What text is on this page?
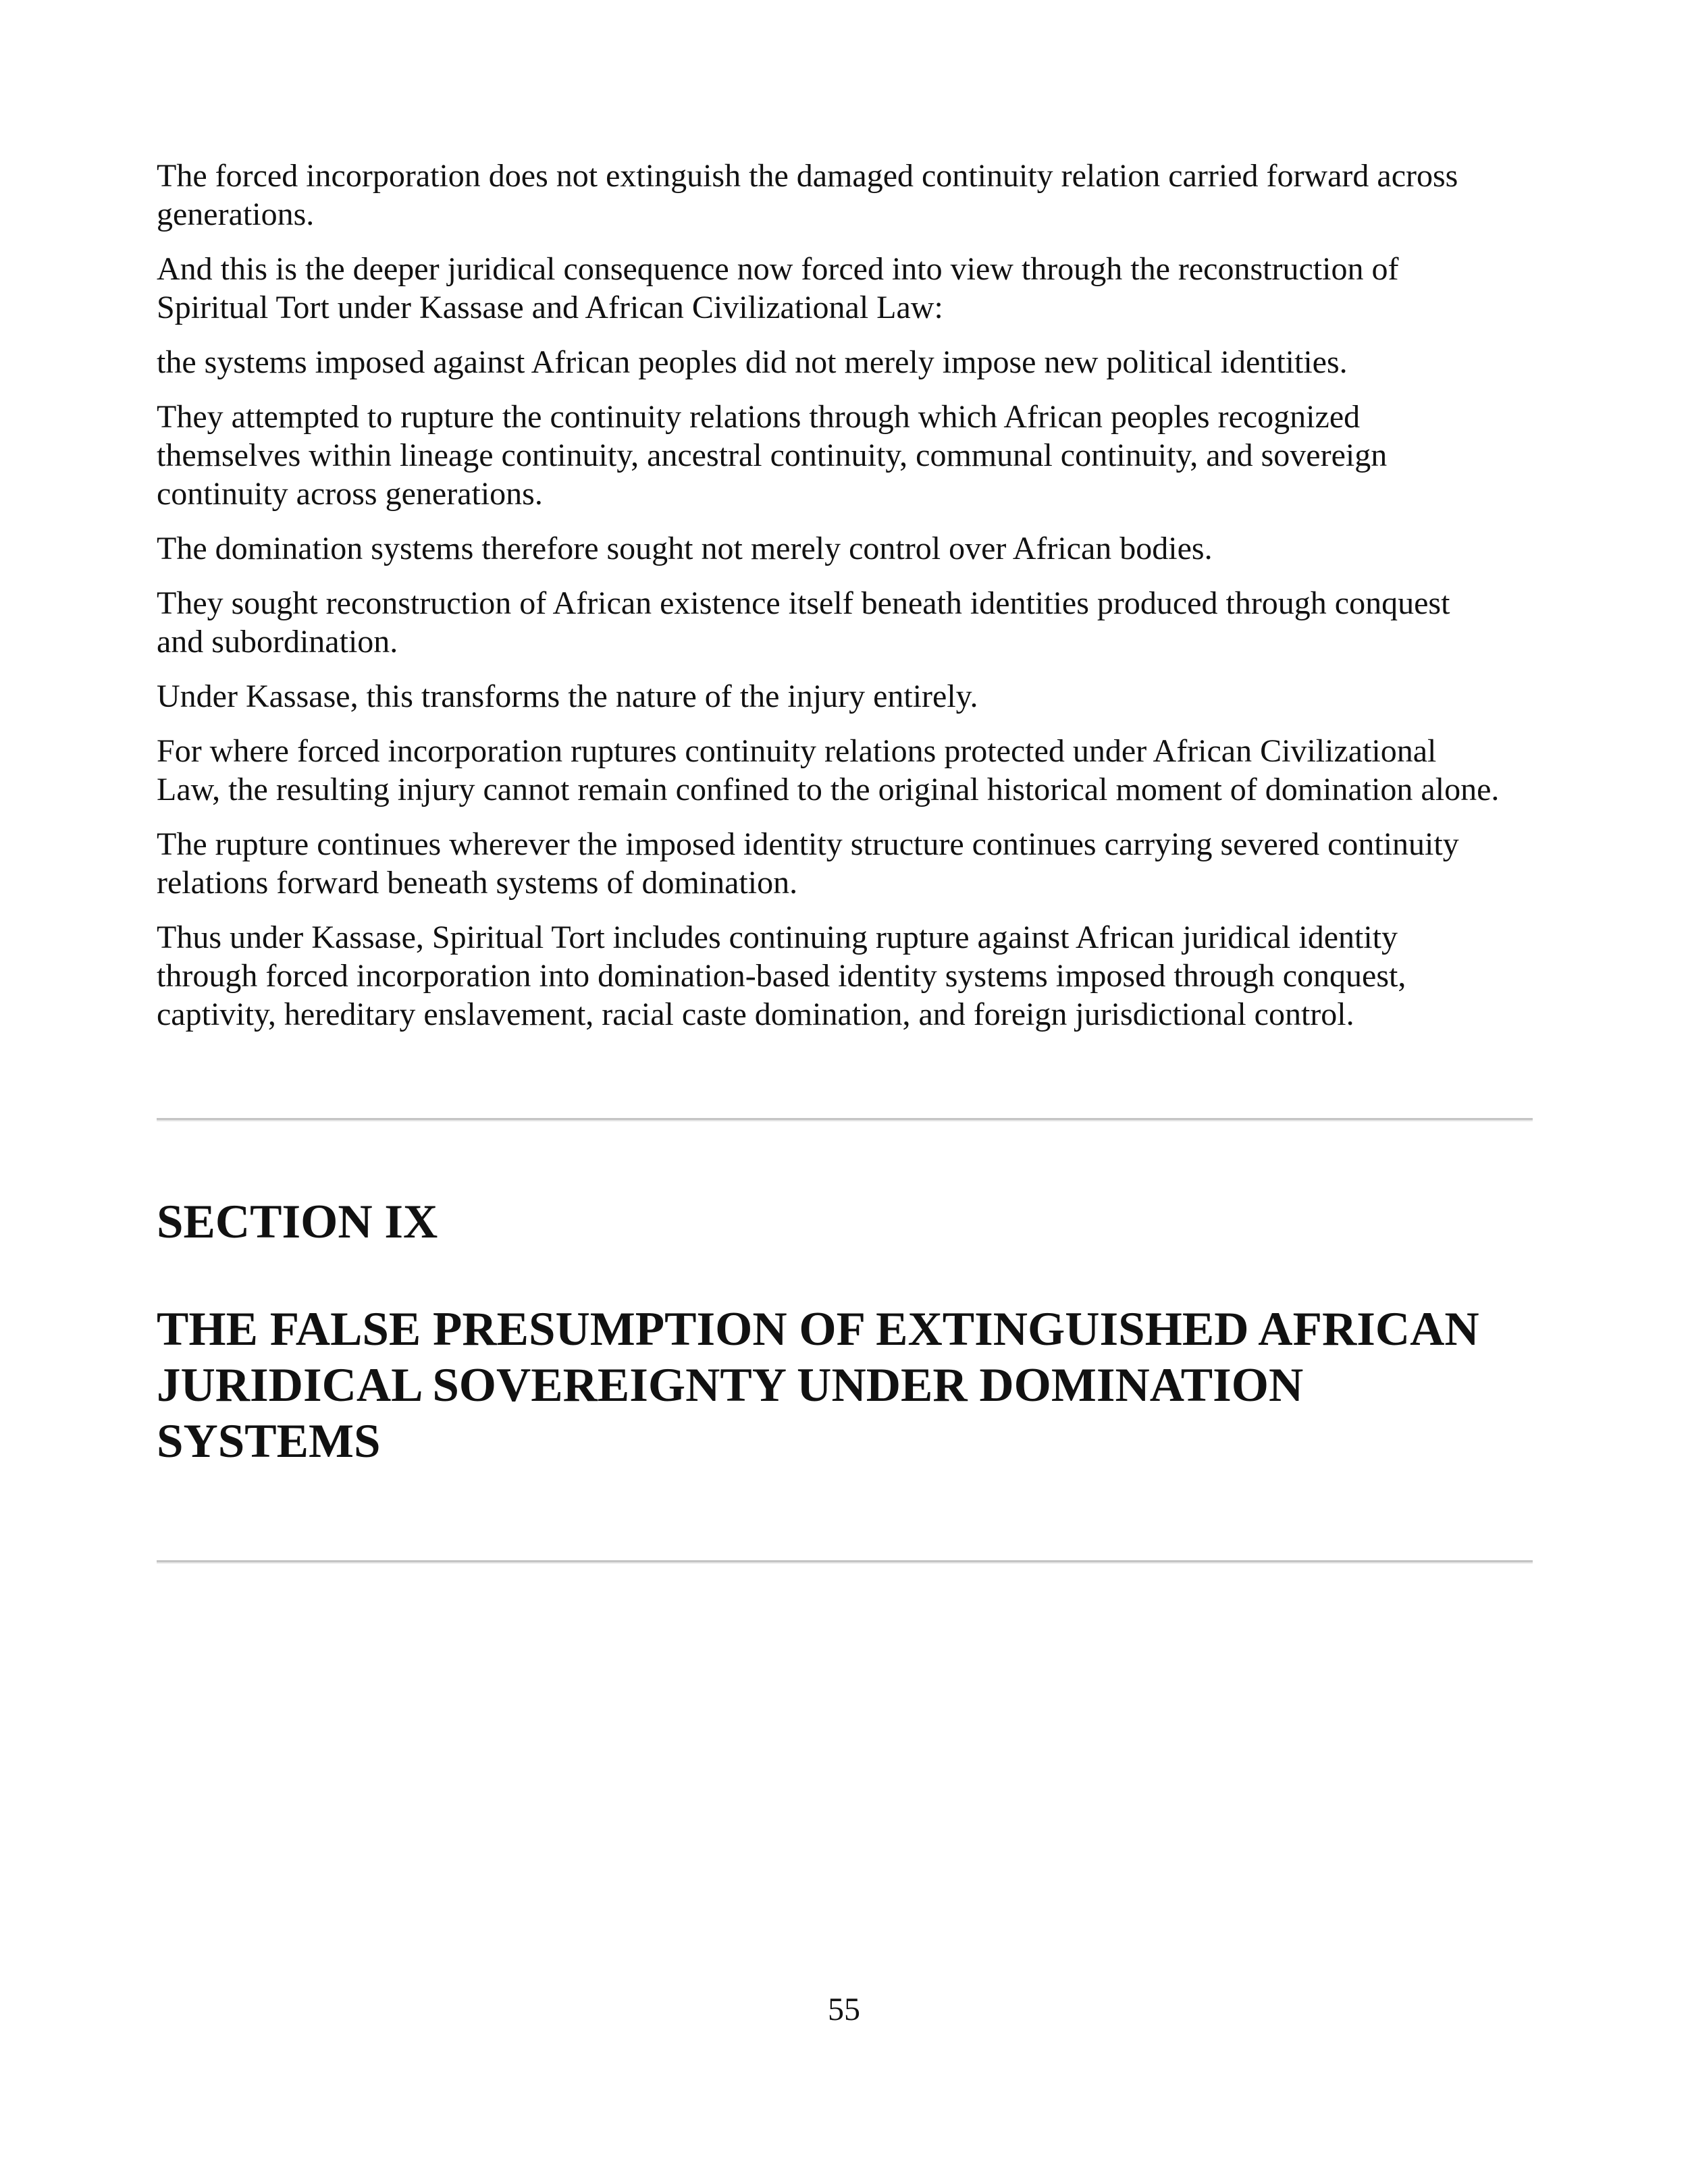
The forced incorporation does not extinguish the damaged continuity relation carried forward across
generations.

And this is the deeper juridical consequence now forced into view through the reconstruction of
Spiritual Tort under Kassase and African Civilizational Law:

the systems imposed against African peoples did not merely impose new political identities.

They attempted to rupture the continuity relations through which African peoples recognized
themselves within lineage continuity, ancestral continuity, communal continuity, and sovereign
continuity across generations.

The domination systems therefore sought not merely control over African bodies.

They sought reconstruction of African existence itself beneath identities produced through conquest
and subordination.

Under Kassase, this transforms the nature of the injury entirely.

For where forced incorporation ruptures continuity relations protected under African Civilizational
Law, the resulting injury cannot remain confined to the original historical moment of domination alone.

The rupture continues wherever the imposed identity structure continues carrying severed continuity
relations forward beneath systems of domination.

Thus under Kassase, Spiritual Tort includes continuing rupture against African juridical identity
through forced incorporation into domination-based identity systems imposed through conquest,
captivity, hereditary enslavement, racial caste domination, and foreign jurisdictional control.

SECTION IX
THE FALSE PRESUMPTION OF EXTINGUISHED AFRICAN
JURIDICAL SOVEREIGNTY UNDER DOMINATION
SYSTEMS
55
